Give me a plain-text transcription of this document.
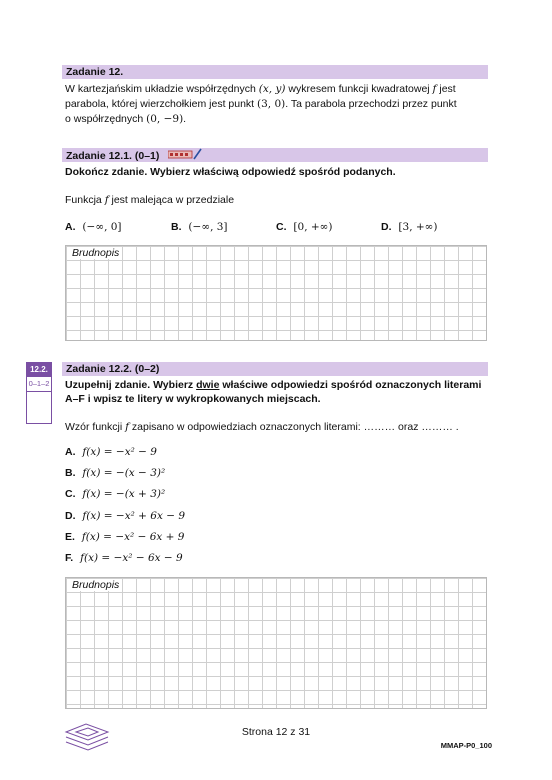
Zadanie 12.
W kartezjańskim układzie współrzędnych (x, y) wykresem funkcji kwadratowej f jest
parabola, której wierzchołkiem jest punkt (3, 0). Ta parabola przechodzi przez punkt
o współrzędnych (0, −9).
Zadanie 12.1. (0–1)
Dokończ zdanie. Wybierz właściwą odpowiedź spośród podanych.
Funkcja f jest malejąca w przedziale
A. (−∞, 0]	B. (−∞, 3]	C. [0, +∞)	D. [3, +∞)
Brudnopis
12.2.
0–1–2
Zadanie 12.2. (0–2)
Uzupełnij zdanie. Wybierz dwie właściwe odpowiedzi spośród oznaczonych literami
A–F i wpisz te litery w wykropkowanych miejscach.
Wzór funkcji f zapisano w odpowiedziach oznaczonych literami: ……… oraz ……… .
A. f(x) = −x² − 9
B. f(x) = −(x − 3)²
C. f(x) = −(x + 3)²
D. f(x) = −x² + 6x − 9
E. f(x) = −x² − 6x + 9
F. f(x) = −x² − 6x − 9
Brudnopis
Strona 12 z 31
MMAP-P0_100
